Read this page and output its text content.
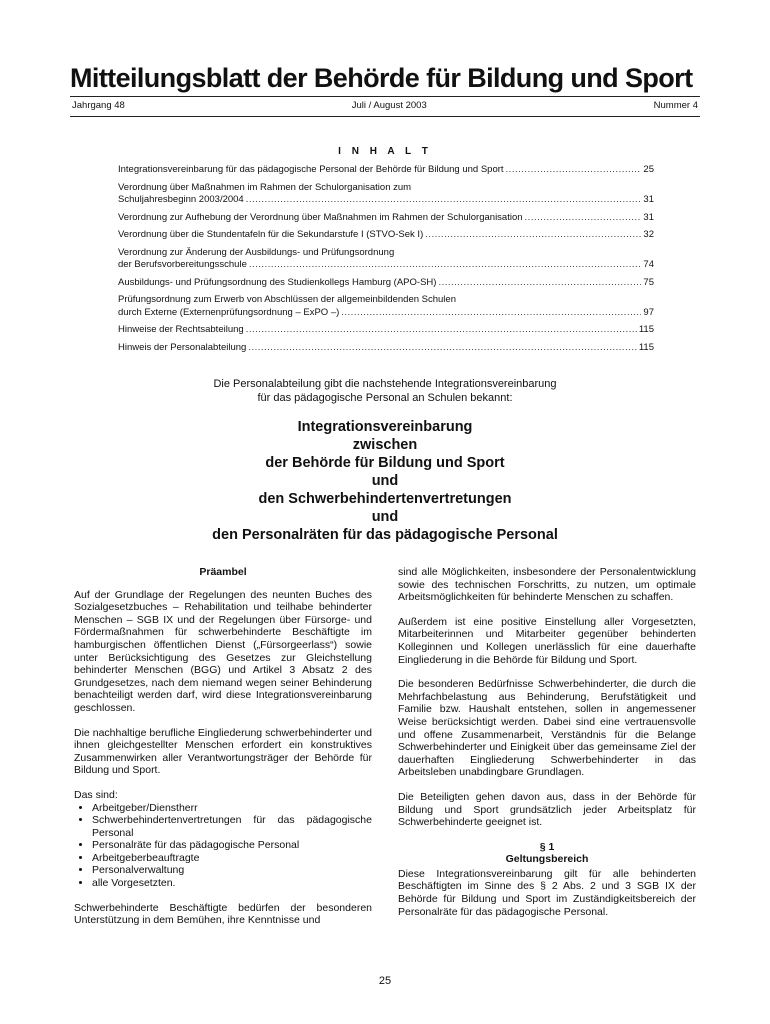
Mitteilungsblatt der Behörde für Bildung und Sport
Jahrgang 48	Juli / August 2003	Nummer 4
I N H A L T
Integrationsvereinbarung für das pädagogische Personal der Behörde für Bildung und Sport .....	25
Verordnung über Maßnahmen im Rahmen der Schulorganisation zum
Schuljahresbeginn 2003/2004 .....	31
Verordnung zur Aufhebung der Verordnung über Maßnahmen im Rahmen der Schulorganisation .....	31
Verordnung über die Stundentafeln für die Sekundarstufe I (STVO-Sek I) .....	32
Verordnung zur Änderung der Ausbildungs- und Prüfungsordnung
der Berufsvorbereitungsschule .....	74
Ausbildungs- und Prüfungsordnung des Studienkollegs Hamburg (APO-SH) .....	75
Prüfungsordnung zum Erwerb von Abschlüssen der allgemeinbildenden Schulen
durch Externe (Externenprüfungsordnung – ExPO –) .....	97
Hinweise der Rechtsabteilung .....	115
Hinweis der Personalabteilung .....	115
Die Personalabteilung gibt die nachstehende Integrationsvereinbarung
für das pädagogische Personal an Schulen bekannt:
Integrationsvereinbarung
zwischen
der Behörde für Bildung und Sport
und
den Schwerbehindertenvertretungen
und
den Personalräten für das pädagogische Personal
Präambel

Auf der Grundlage der Regelungen des neunten Buches des Sozialgesetzbuches – Rehabilitation und teilhabe behinderter Menschen – SGB IX und der Regelungen über Fürsorge- und Fördermaßnahmen für schwerbehinderte Beschäftigte im hamburgischen öffentlichen Dienst („Fürsorgeerlass“) sowie unter Berücksichtigung des Gesetzes zur Gleichstellung behinderter Menschen (BGG) und Artikel 3 Absatz 2 des Grundgesetzes, nach dem niemand wegen seiner Behinderung benachteiligt werden darf, wird diese Integrationsvereinbarung geschlossen.

Die nachhaltige berufliche Eingliederung schwerbehinderter und ihnen gleichgestellter Menschen erfordert ein konstruktives Zusammenwirken aller Verantwortungsträger der Behörde für Bildung und Sport.

Das sind:
• Arbeitgeber/Dienstherr
• Schwerbehindertenvertretungen für das pädagogische Personal
• Personalräte für das pädagogische Personal
• Arbeitgeberbeauftragte
• Personalverwaltung
• alle Vorgesetzten.

Schwerbehinderte Beschäftigte bedürfen der besonderen Unterstützung in dem Bemühen, ihre Kenntnisse und

sind alle Möglichkeiten, insbesondere der Personalentwicklung sowie des technischen Forschritts, zu nutzen, um optimale Arbeitsmöglichkeiten für behinderte Menschen zu schaffen.

Außerdem ist eine positive Einstellung aller Vorgesetzten, Mitarbeiterinnen und Mitarbeiter gegenüber behinderten Kolleginnen und Kollegen unerlässlich für eine dauerhafte Eingliederung in die Behörde für Bildung und Sport.

Die besonderen Bedürfnisse Schwerbehinderter, die durch die Mehrfachbelastung aus Behinderung, Berufstätigkeit und Familie bzw. Haushalt entstehen, sollen in angemessener Weise berücksichtigt werden. Dabei sind eine vertrauensvolle und offene Zusammenarbeit, Verständnis für die Belange Schwerbehinderter und Einigkeit über das gemeinsame Ziel der dauerhaften Eingliederung Schwerbehinderter in das Arbeitsleben unabdingbare Grundlagen.

Die Beteiligten gehen davon aus, dass in der Behörde für Bildung und Sport grundsätzlich jeder Arbeitsplatz für Schwerbehinderte geeignet ist.

§ 1
Geltungsbereich

Diese Integrationsvereinbarung gilt für alle behinderten Beschäftigten im Sinne des § 2 Abs. 2 und 3 SGB IX der Behörde für Bildung und Sport im Zuständigkeitsbereich der Personalräte für das pädagogische Personal.

25
